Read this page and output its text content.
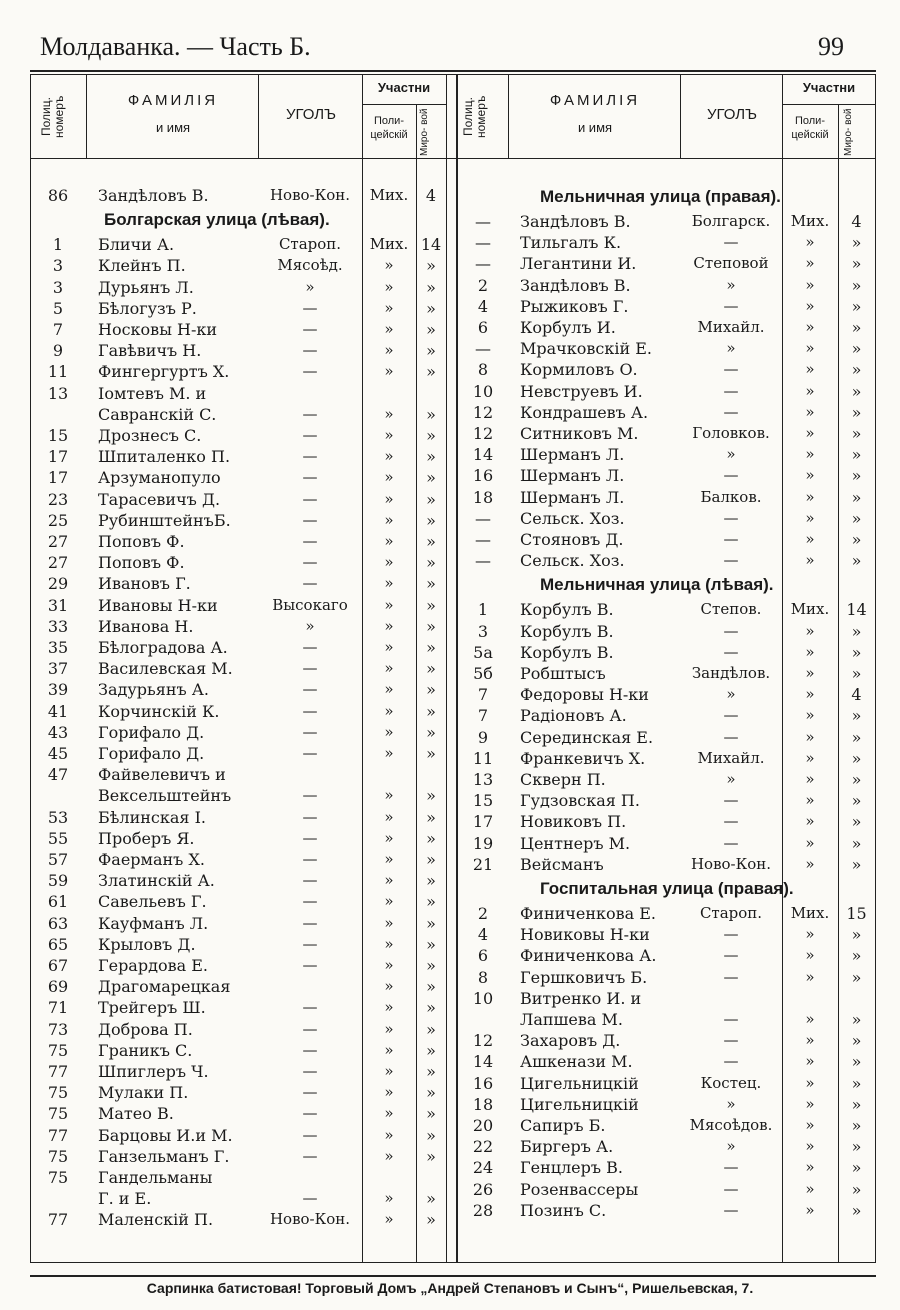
Молдаванка. — Часть Б.	99
Полиц. номеръ	ФАМИЛІЯ
и имя
УГОЛЪ
Участни
Поли- цейскій	Миро- вой	Полиц. номеръ	ФАМИЛІЯ
и имя
УГОЛЪ
Участни
Поли- цейскій	Миро- вой
86	Зандѣловъ В.	Ново-Кон.	Мих.	4
Болгарская улица (лѣвая).
1	Бличи А.	Староп.	Мих. 14
3	Клейнъ П.	Мясоѣд.	»	»
3	Дурьянъ Л.	»	»	»
5	Бѣлогузъ Р.	—	»	»
7	Носковы Н-ки	—	»	»
9	Гавѣвичъ Н.	—	»	»
11	Фингергуртъ Х.	—	»	»
13	Іомтевъ М. и
Савранскій С.	—	»	»
15	Дрознесъ С.	—	»	»
17	Шпиталенко П.	—	»	»
17	Арзуманопуло	—	»	»
23	Тарасевичъ Д.	—	»	»
25	РубинштейнъБ.	—	»	»
27	Поповъ Ф.	—	»	»
27	Поповъ Ф.	—	»	»
29	Ивановъ Г.	—	»	»
31	Ивановы Н-ки	Высокаго	»	»
33	Иванова Н.	»	»	»
35	Бѣлоградова А.	—	»	»
37	Василевская М.	—	»	»
39	Задурьянъ А.	—	»	»
41	Корчинскій К.	—	»	»
43	Горифало Д.	—	»	»
45	Горифало Д.	—	»	»
47	Файвелевичъ и
Вексельштейнъ	—	»	»
53	Бѣлинская І.	—	»	»
55	Проберъ Я.	—	»	»
57	Фаерманъ Х.	—	»	»
59	Златинскій А.	—	»	»
61	Савельевъ Г.	—	»	»
63	Кауфманъ Л.	—	»	»
65	Крыловъ Д.	—	»	»
67	Герардова Е.	—	»	»
69	Драгомарецкая	»	»
71	Трейгеръ Ш.	—	»	»
73	Доброва П.	—	»	»
75	Граникъ С.	—	»	»
77	Шпиглеръ Ч.	—	»	»
75	Мулаки П.	—	»	»
75	Матео В.	—	»	»
77	Барцовы И.и М.	—	»	»
75	Ганзельманъ Г.	—	»	»
75	Гандельманы
Г. и Е.	—	»	»
77	Маленскій П.	Ново-Кон.	»	»
Мельничная улица (правая).
—	Зандѣловъ В.	Болгарск.	Мих.	4
—	Тильгалъ К.	—	»	»
—	Легантини И.	Степовой	»	»
2	Зандѣловъ В.	»	»	»
4	Рыжиковъ Г.	—	»	»
6	Корбулъ И.	Михайл.	»	»
—	Мрачковскій Е.	»	»	»
8	Кормиловъ О.	—	»	»
10	Невструевъ И.	—	»	»
12	Кондрашевъ А.	—	»	»
12	Ситниковъ М.	Головков.	»	»
14	Шерманъ Л.	»	»	»
16	Шерманъ Л.	—	»	»
18	Шерманъ Л.	Балков.	»	»
—	Сельск. Хоз.	—	»	»
—	Стояновъ Д.	—	»	»
—	Сельск. Хоз.	—	»	»
Мельничная улица (лѣвая).
1	Корбулъ В.	Степов.	Мих.	14
3	Корбулъ В.	—	»	»
5а	Корбулъ В.	—	»	»
5б	Робштысъ	Зандѣлов.	»	»
7	Федоровы Н-ки	»	»	4
7	Радіоновъ А.	—	»	»
9	Серединская Е.	—	»	»
11	Франкевичъ Х.	Михайл.	»	»
13	Скверн П.	»	»	»
15	Гудзовская П.	—	»	»
17	Новиковъ П.	—	»	»
19	Центнеръ М.	—	»	»
21	Вейсманъ	Ново-Кон.	»	»
Госпитальная улица (правая).
2	Финиченкова Е.	Староп.	Мих.	15
4	Новиковы Н-ки	—	»	»
6	Финиченкова А.	—	»	»
8	Гершковичъ Б.	—	»	»
10	Витренко И. и
Лапшева М.	—	»	»
12	Захаровъ Д.	—	»	»
14	Ашкенази М.	—	»	»
16	Цигельницкій	Костец.	»	»
18	Цигельницкій	»	»	»
20	Сапиръ Б.	Мясоѣдов.	»	»
22	Биргеръ А.	»	»	»
24	Генцлеръ В.	—	»	»
26	Розенвассеры	—	»	»
28	Позинъ С.	—	»	»
Сарпинка батистовая! Торговый Домъ „Андрей Степановъ и Сынъ“, Ришельевская, 7.
